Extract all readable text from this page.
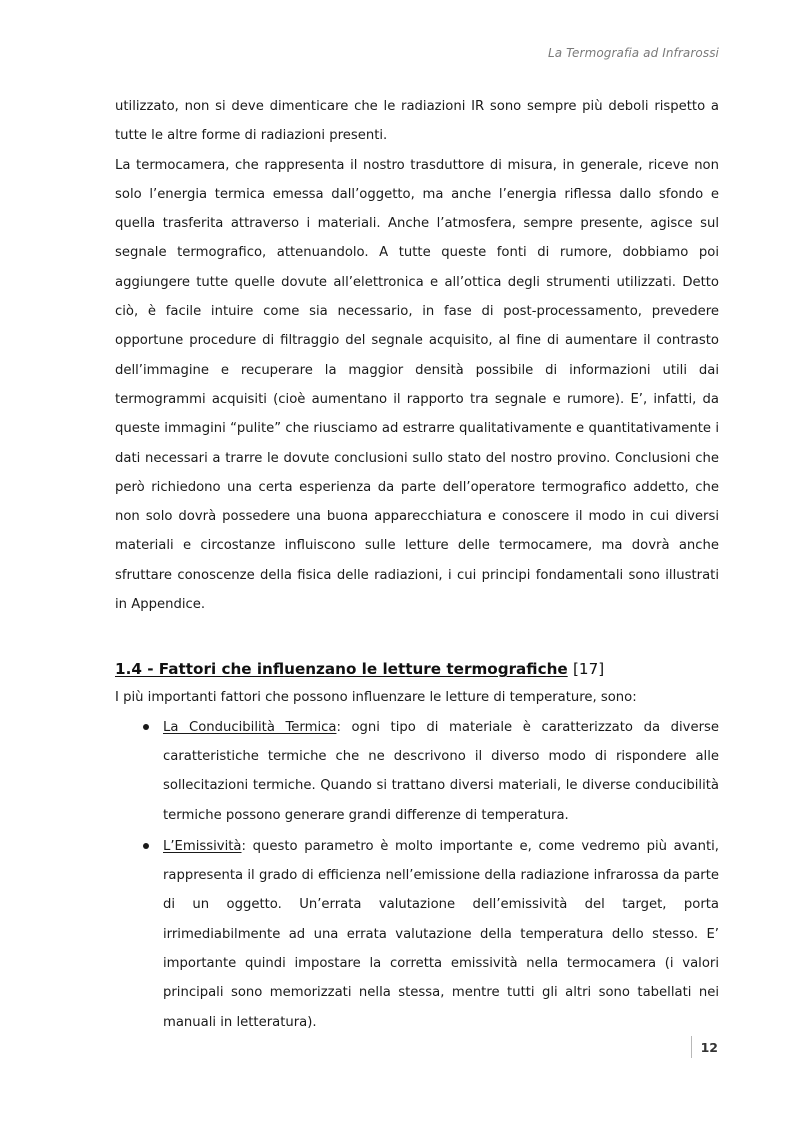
La Termografia ad Infrarossi

utilizzato, non si deve dimenticare che le radiazioni IR sono sempre più deboli rispetto a tutte le altre forme di radiazioni presenti.

La termocamera, che rappresenta il nostro trasduttore di misura, in generale, riceve non solo l’energia termica emessa dall’oggetto, ma anche l’energia riflessa dallo sfondo e quella trasferita attraverso i materiali. Anche l’atmosfera, sempre presente, agisce sul segnale termografico, attenuandolo. A tutte queste fonti di rumore, dobbiamo poi aggiungere tutte quelle dovute all’elettronica e all’ottica degli strumenti utilizzati. Detto ciò, è facile intuire come sia necessario, in fase di post-processamento, prevedere opportune procedure di filtraggio del segnale acquisito, al fine di aumentare il contrasto dell’immagine e recuperare la maggior densità possibile di informazioni utili dai termogrammi acquisiti (cioè aumentano il rapporto tra segnale e rumore). E’, infatti, da queste immagini “pulite” che riusciamo ad estrarre qualitativamente e quantitativamente i dati necessari a trarre le dovute conclusioni sullo stato del nostro provino. Conclusioni che però richiedono una certa esperienza da parte dell’operatore termografico addetto, che non solo dovrà possedere una buona apparecchiatura e conoscere il modo in cui diversi materiali e circostanze influiscono sulle letture delle termocamere, ma dovrà anche sfruttare conoscenze della fisica delle radiazioni, i cui principi fondamentali sono illustrati in Appendice.

1.4 - Fattori che influenzano le letture termografiche [17]

I più importanti fattori che possono influenzare le letture di temperature, sono:

La Conducibilità Termica: ogni tipo di materiale è caratterizzato da diverse caratteristiche termiche che ne descrivono il diverso modo di rispondere alle sollecitazioni termiche. Quando si trattano diversi materiali, le diverse conducibilità termiche possono generare grandi differenze di temperatura.

L’Emissività: questo parametro è molto importante e, come vedremo più avanti, rappresenta il grado di efficienza nell’emissione della radiazione infrarossa da parte di un oggetto. Un’errata valutazione dell’emissività del target, porta irrimediabilmente ad una errata valutazione della temperatura dello stesso. E’ importante quindi impostare la corretta emissività nella termocamera (i valori principali sono memorizzati nella stessa, mentre tutti gli altri sono tabellati nei manuali in letteratura).

12
